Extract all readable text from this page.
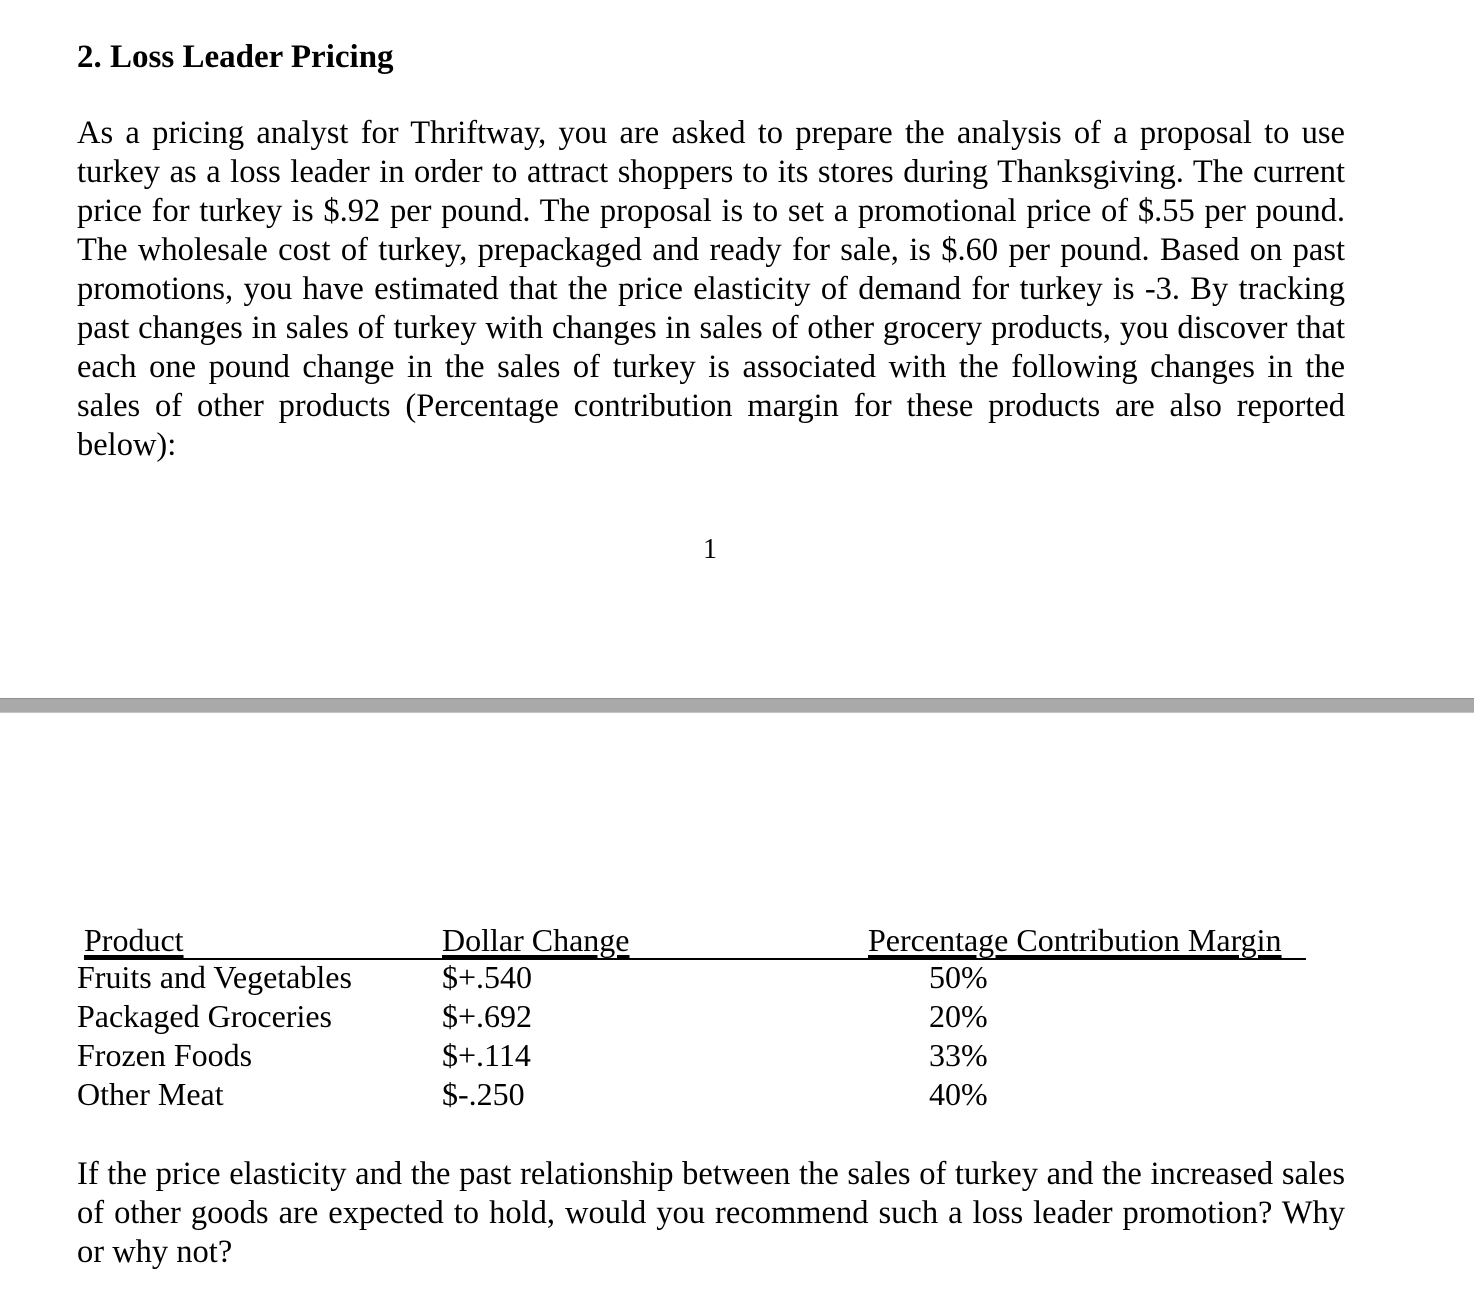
2. Loss Leader Pricing

As a pricing analyst for Thriftway, you are asked to prepare the analysis of a proposal to use turkey as a loss leader in order to attract shoppers to its stores during Thanksgiving. The current price for turkey is $.92 per pound. The proposal is to set a promotional price of $.55 per pound. The wholesale cost of turkey, prepackaged and ready for sale, is $.60 per pound. Based on past promotions, you have estimated that the price elasticity of demand for turkey is -3. By tracking past changes in sales of turkey with changes in sales of other grocery products, you discover that each one pound change in the sales of turkey is associated with the following changes in the sales of other products (Percentage contribution margin for these products are also reported below):

1
Product	Dollar Change	Percentage Contribution Margin
Fruits and Vegetables	$+.540	50%
Packaged Groceries	$+.692	20%
Frozen Foods	$+.114	33%
Other Meat	$-.250	40%

If the price elasticity and the past relationship between the sales of turkey and the increased sales of other goods are expected to hold, would you recommend such a loss leader promotion? Why or why not?
